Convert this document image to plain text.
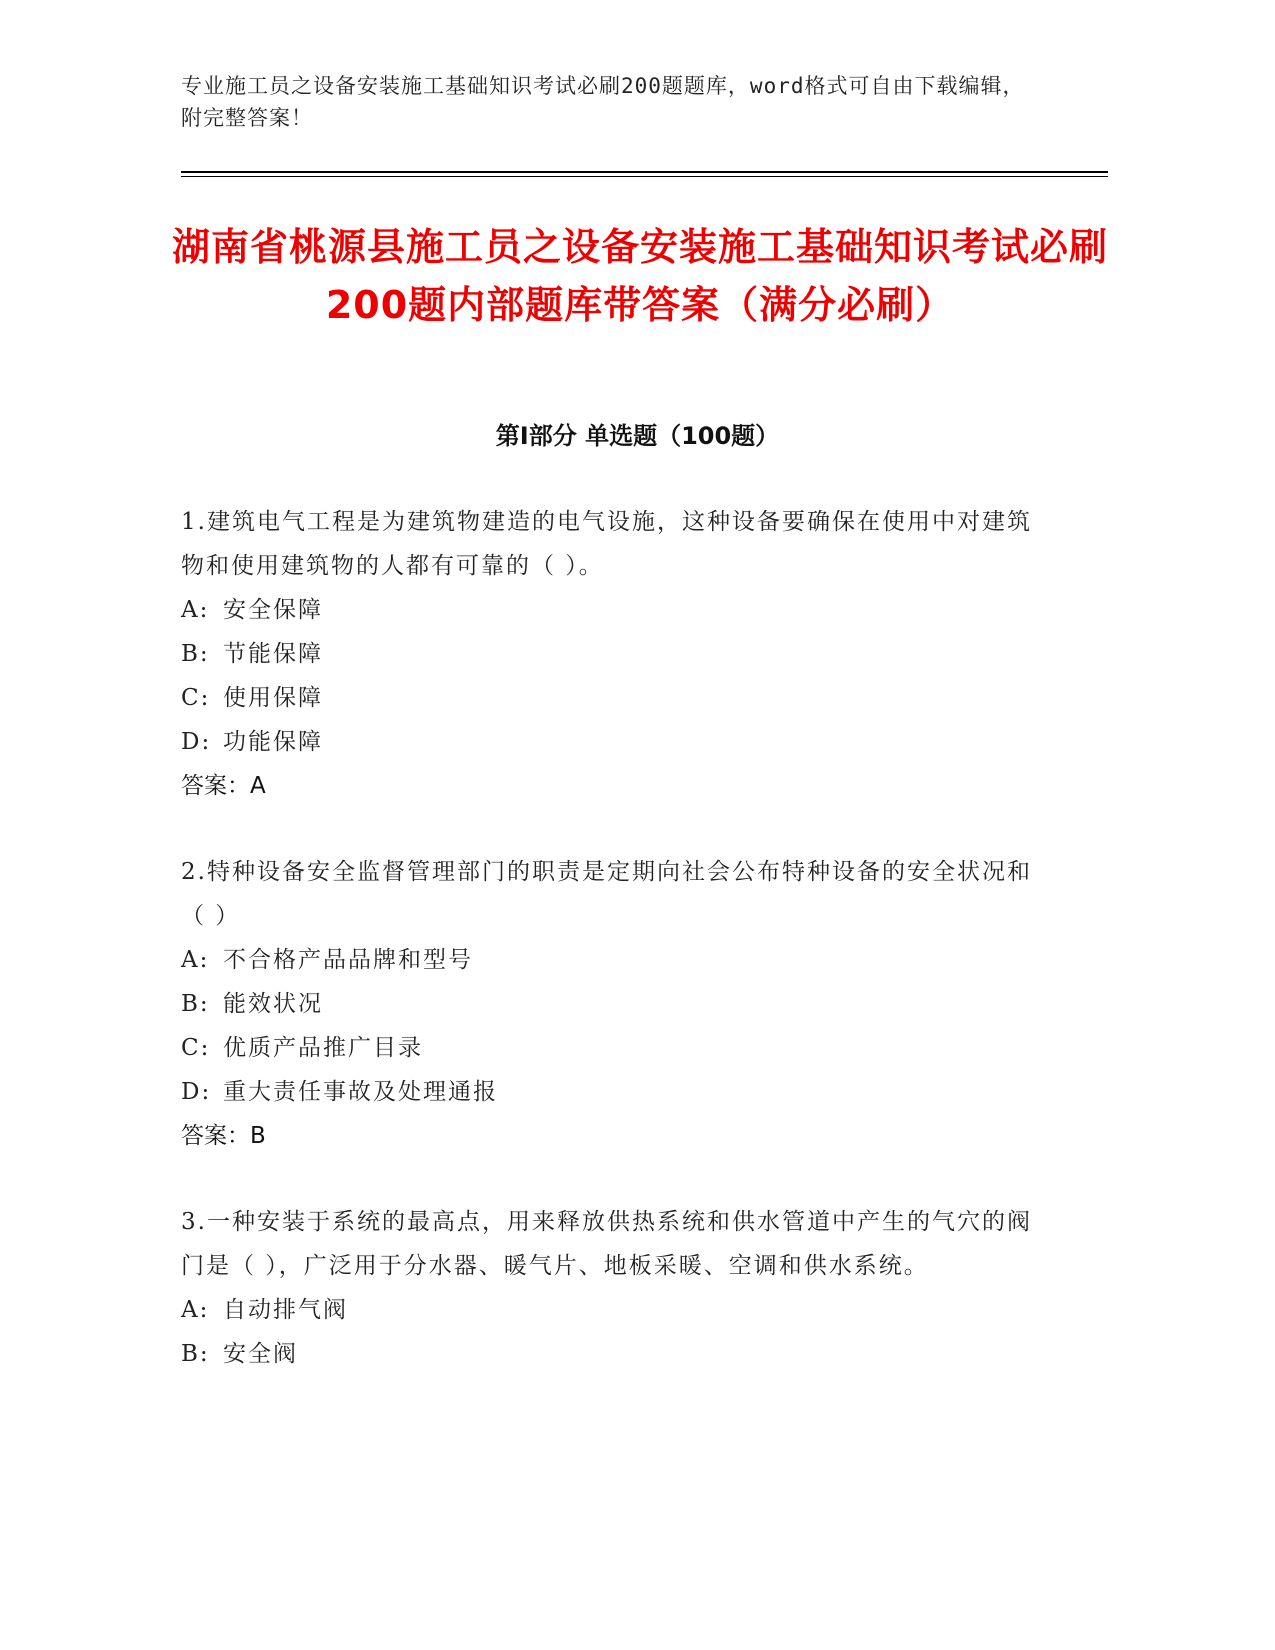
专业施工员之设备安装施工基础知识考试必刷200题题库，word格式可自由下载编辑，附完整答案！
湖南省桃源县施工员之设备安装施工基础知识考试必刷200题内部题库带答案（满分必刷）
第I部分 单选题（100题）
1.建筑电气工程是为建筑物建造的电气设施，这种设备要确保在使用中对建筑物和使用建筑物的人都有可靠的（ ）。
A: 安全保障
B: 节能保障
C: 使用保障
D: 功能保障
答案：A
2.特种设备安全监督管理部门的职责是定期向社会公布特种设备的安全状况和（ ）
A: 不合格产品品牌和型号
B: 能效状况
C: 优质产品推广目录
D: 重大责任事故及处理通报
答案：B
3.一种安装于系统的最高点，用来释放供热系统和供水管道中产生的气穴的阀门是（ ），广泛用于分水器、暖气片、地板采暖、空调和供水系统。
A: 自动排气阀
B: 安全阀
